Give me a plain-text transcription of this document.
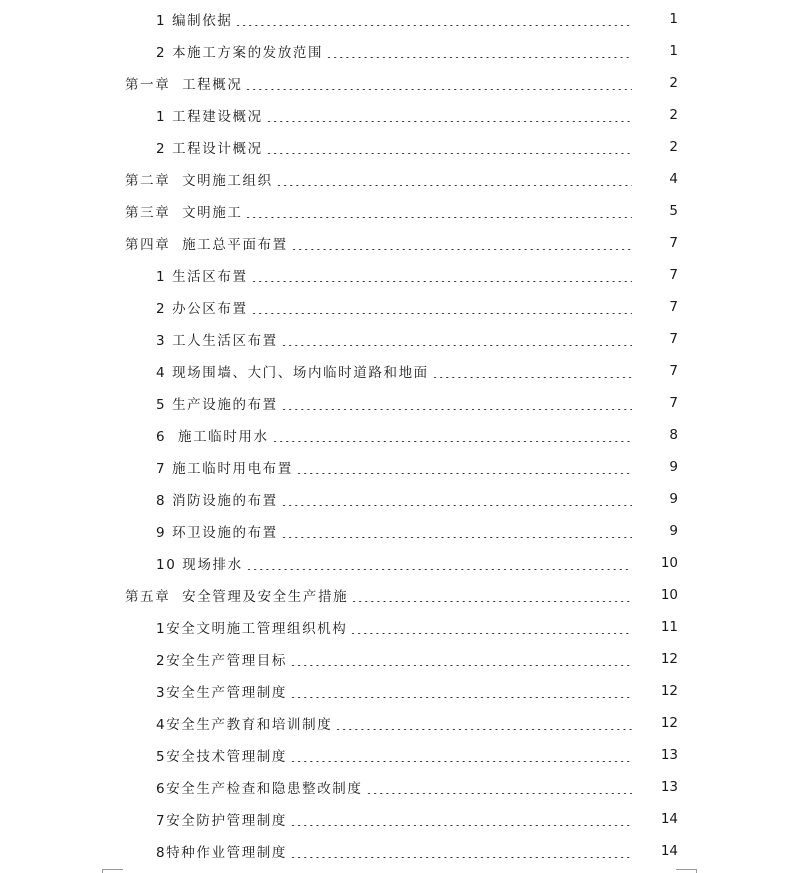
1 编制依据	1
2 本施工方案的发放范围	1
第一章  工程概况	2
1 工程建设概况	2
2 工程设计概况	2
第二章  文明施工组织	4
第三章  文明施工	5
第四章  施工总平面布置	7
1 生活区布置	7
2 办公区布置	7
3 工人生活区布置	7
4 现场围墙、大门、场内临时道路和地面	7
5 生产设施的布置	7
6  施工临时用水	8
7 施工临时用电布置	9
8 消防设施的布置	9
9 环卫设施的布置	9
10 现场排水	10
第五章  安全管理及安全生产措施	10
1安全文明施工管理组织机构	11
2安全生产管理目标	12
3安全生产管理制度	12
4安全生产教育和培训制度	12
5安全技术管理制度	13
6安全生产检查和隐患整改制度	13
7安全防护管理制度	14
8特种作业管理制度	14
